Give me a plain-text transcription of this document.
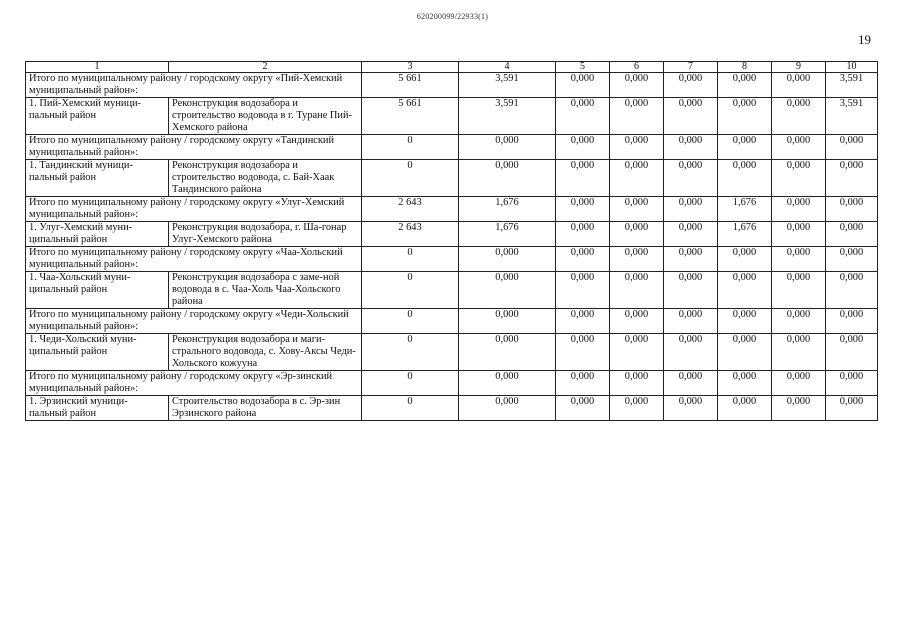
620200099/22933(1)
19
1	2	3	4	5	6	7	8	9	10
Итого по муниципальному району / городскому округу «Пий-Хемский муниципальный район»:		5 661	3,591	0,000	0,000	0,000	0,000	0,000	3,591
1. Пий-Хемский муници-пальный район	Реконструкция водозабора и строительство водовода в г. Туране Пий-Хемского района	5 661	3,591	0,000	0,000	0,000	0,000	0,000	3,591
Итого по муниципальному району / городскому округу «Тандинский муниципальный район»:		0	0,000	0,000	0,000	0,000	0,000	0,000	0,000
1. Тандинский муници-пальный район	Реконструкция водозабора и строительство водовода, с. Бай-Хаак Тандинского района	0	0,000	0,000	0,000	0,000	0,000	0,000	0,000
Итого по муниципальному району / городскому округу «Улуг-Хемский муниципальный район»:		2 643	1,676	0,000	0,000	0,000	1,676	0,000	0,000
1. Улуг-Хемский муни-ципальный район	Реконструкция водозабора, г. Ша-гонар Улуг-Хемского района	2 643	1,676	0,000	0,000	0,000	1,676	0,000	0,000
Итого по муниципальному району / городскому округу «Чаа-Хольский муниципальный район»:		0	0,000	0,000	0,000	0,000	0,000	0,000	0,000
1. Чаа-Хольский муни-ципальный район	Реконструкция водозабора с заме-ной водовода в с. Чаа-Холь Чаа-Хольского района	0	0,000	0,000	0,000	0,000	0,000	0,000	0,000
Итого по муниципальному району / городскому округу «Чеди-Хольский муниципальный район»:		0	0,000	0,000	0,000	0,000	0,000	0,000	0,000
1. Чеди-Хольский муни-ципальный район	Реконструкция водозабора и маги-стрального водовода, с. Хову-Аксы Чеди-Хольского кожууна	0	0,000	0,000	0,000	0,000	0,000	0,000	0,000
Итого по муниципальному району / городскому округу «Эр-зинский муниципальный район»:		0	0,000	0,000	0,000	0,000	0,000	0,000	0,000
1. Эрзинский муници-пальный район	Строительство водозабора в с. Эр-зин Эрзинского района	0	0,000	0,000	0,000	0,000	0,000	0,000	0,000
